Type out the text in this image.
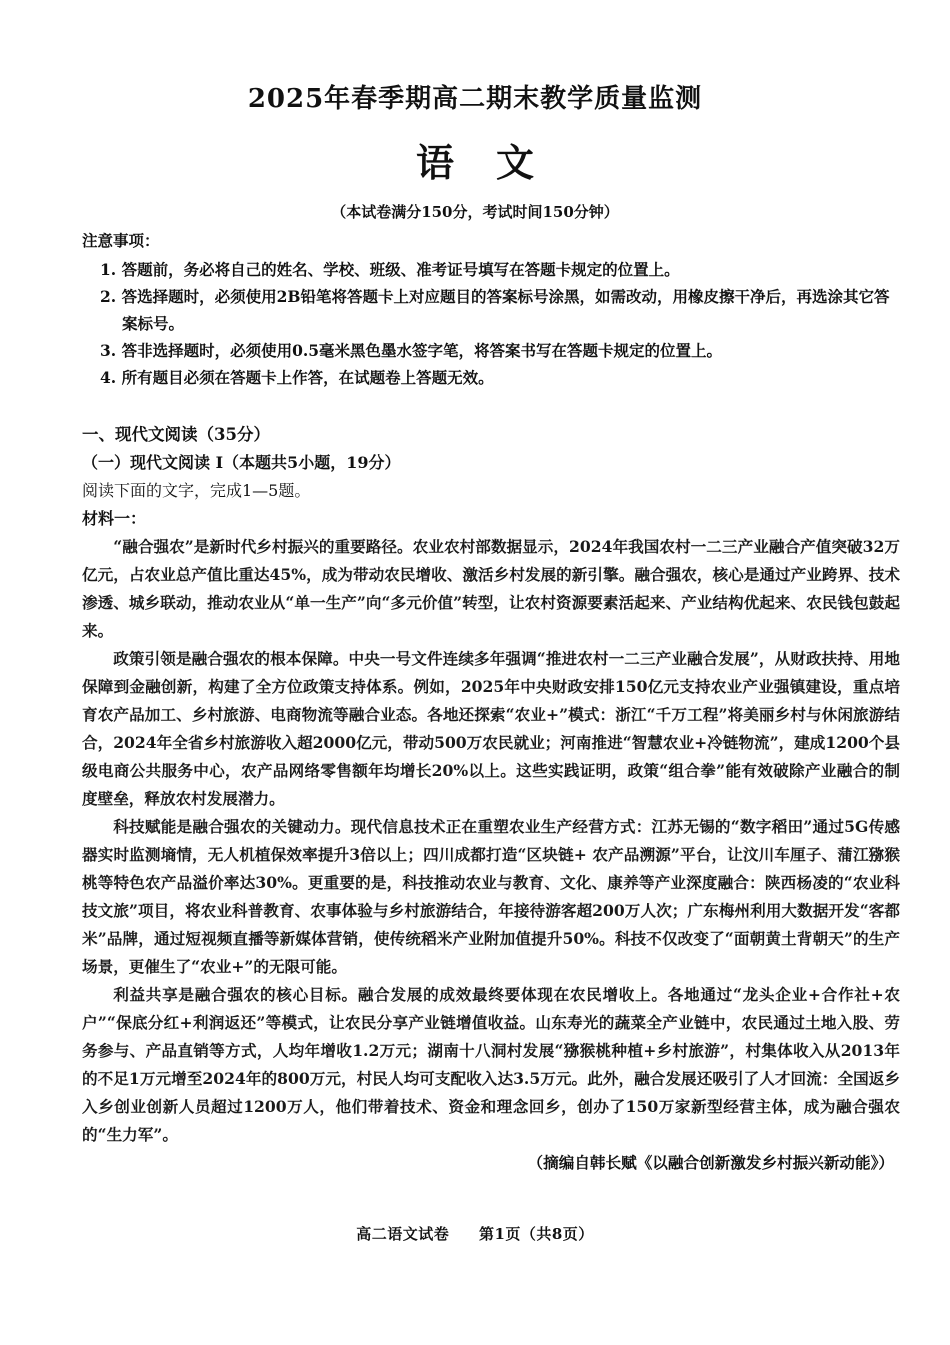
2025年春季期高二期末教学质量监测
语文
（本试卷满分150分，考试时间150分钟）
注意事项：
1. 答题前，务必将自己的姓名、学校、班级、准考证号填写在答题卡规定的位置上。
2. 答选择题时，必须使用2B铅笔将答题卡上对应题目的答案标号涂黑，如需改动，用橡皮擦干净后，再选涂其它答案标号。
3. 答非选择题时，必须使用0.5毫米黑色墨水签字笔，将答案书写在答题卡规定的位置上。
4. 所有题目必须在答题卡上作答，在试题卷上答题无效。
一、现代文阅读（35分）
（一）现代文阅读 I（本题共5小题，19分）
阅读下面的文字，完成1—5题。
材料一：

“融合强农”是新时代乡村振兴的重要路径。农业农村部数据显示，2024年我国农村一二三产业融合产值突破32万亿元，占农业总产值比重达45%，成为带动农民增收、激活乡村发展的新引擎。融合强农，核心是通过产业跨界、技术渗透、城乡联动，推动农业从“单一生产”向“多元价值”转型，让农村资源要素活起来、产业结构优起来、农民钱包鼓起来。

政策引领是融合强农的根本保障。中央一号文件连续多年强调“推进农村一二三产业融合发展”，从财政扶持、用地保障到金融创新，构建了全方位政策支持体系。例如，2025年中央财政安排150亿元支持农业产业强镇建设，重点培育农产品加工、乡村旅游、电商物流等融合业态。各地还探索“农业+”模式：浙江“千万工程”将美丽乡村与休闲旅游结合，2024年全省乡村旅游收入超2000亿元，带动500万农民就业；河南推进“智慧农业+冷链物流”，建成1200个县级电商公共服务中心，农产品网络零售额年均增长20%以上。这些实践证明，政策“组合拳”能有效破除产业融合的制度壁垒，释放农村发展潜力。

科技赋能是融合强农的关键动力。现代信息技术正在重塑农业生产经营方式：江苏无锡的“数字稻田”通过5G传感器实时监测墒情，无人机植保效率提升3倍以上；四川成都打造“区块链+ 农产品溯源”平台，让汶川车厘子、蒲江猕猴桃等特色农产品溢价率达30%。更重要的是，科技推动农业与教育、文化、康养等产业深度融合：陕西杨凌的“农业科技文旅”项目，将农业科普教育、农事体验与乡村旅游结合，年接待游客超200万人次；广东梅州利用大数据开发“客都米”品牌，通过短视频直播等新媒体营销，使传统稻米产业附加值提升50%。科技不仅改变了“面朝黄土背朝天”的生产场景，更催生了“农业+”的无限可能。

利益共享是融合强农的核心目标。融合发展的成效最终要体现在农民增收上。各地通过“龙头企业+合作社+农户”“保底分红+利润返还”等模式，让农民分享产业链增值收益。山东寿光的蔬菜全产业链中，农民通过土地入股、劳务参与、产品直销等方式，人均年增收1.2万元；湖南十八洞村发展“猕猴桃种植+乡村旅游”，村集体收入从2013年的不足1万元增至2024年的800万元，村民人均可支配收入达3.5万元。此外，融合发展还吸引了人才回流：全国返乡入乡创业创新人员超过1200万人，他们带着技术、资金和理念回乡，创办了150万家新型经营主体，成为融合强农的“生力军”。

（摘编自韩长赋《以融合创新激发乡村振兴新动能》）
高二语文试卷 第1页（共8页）
